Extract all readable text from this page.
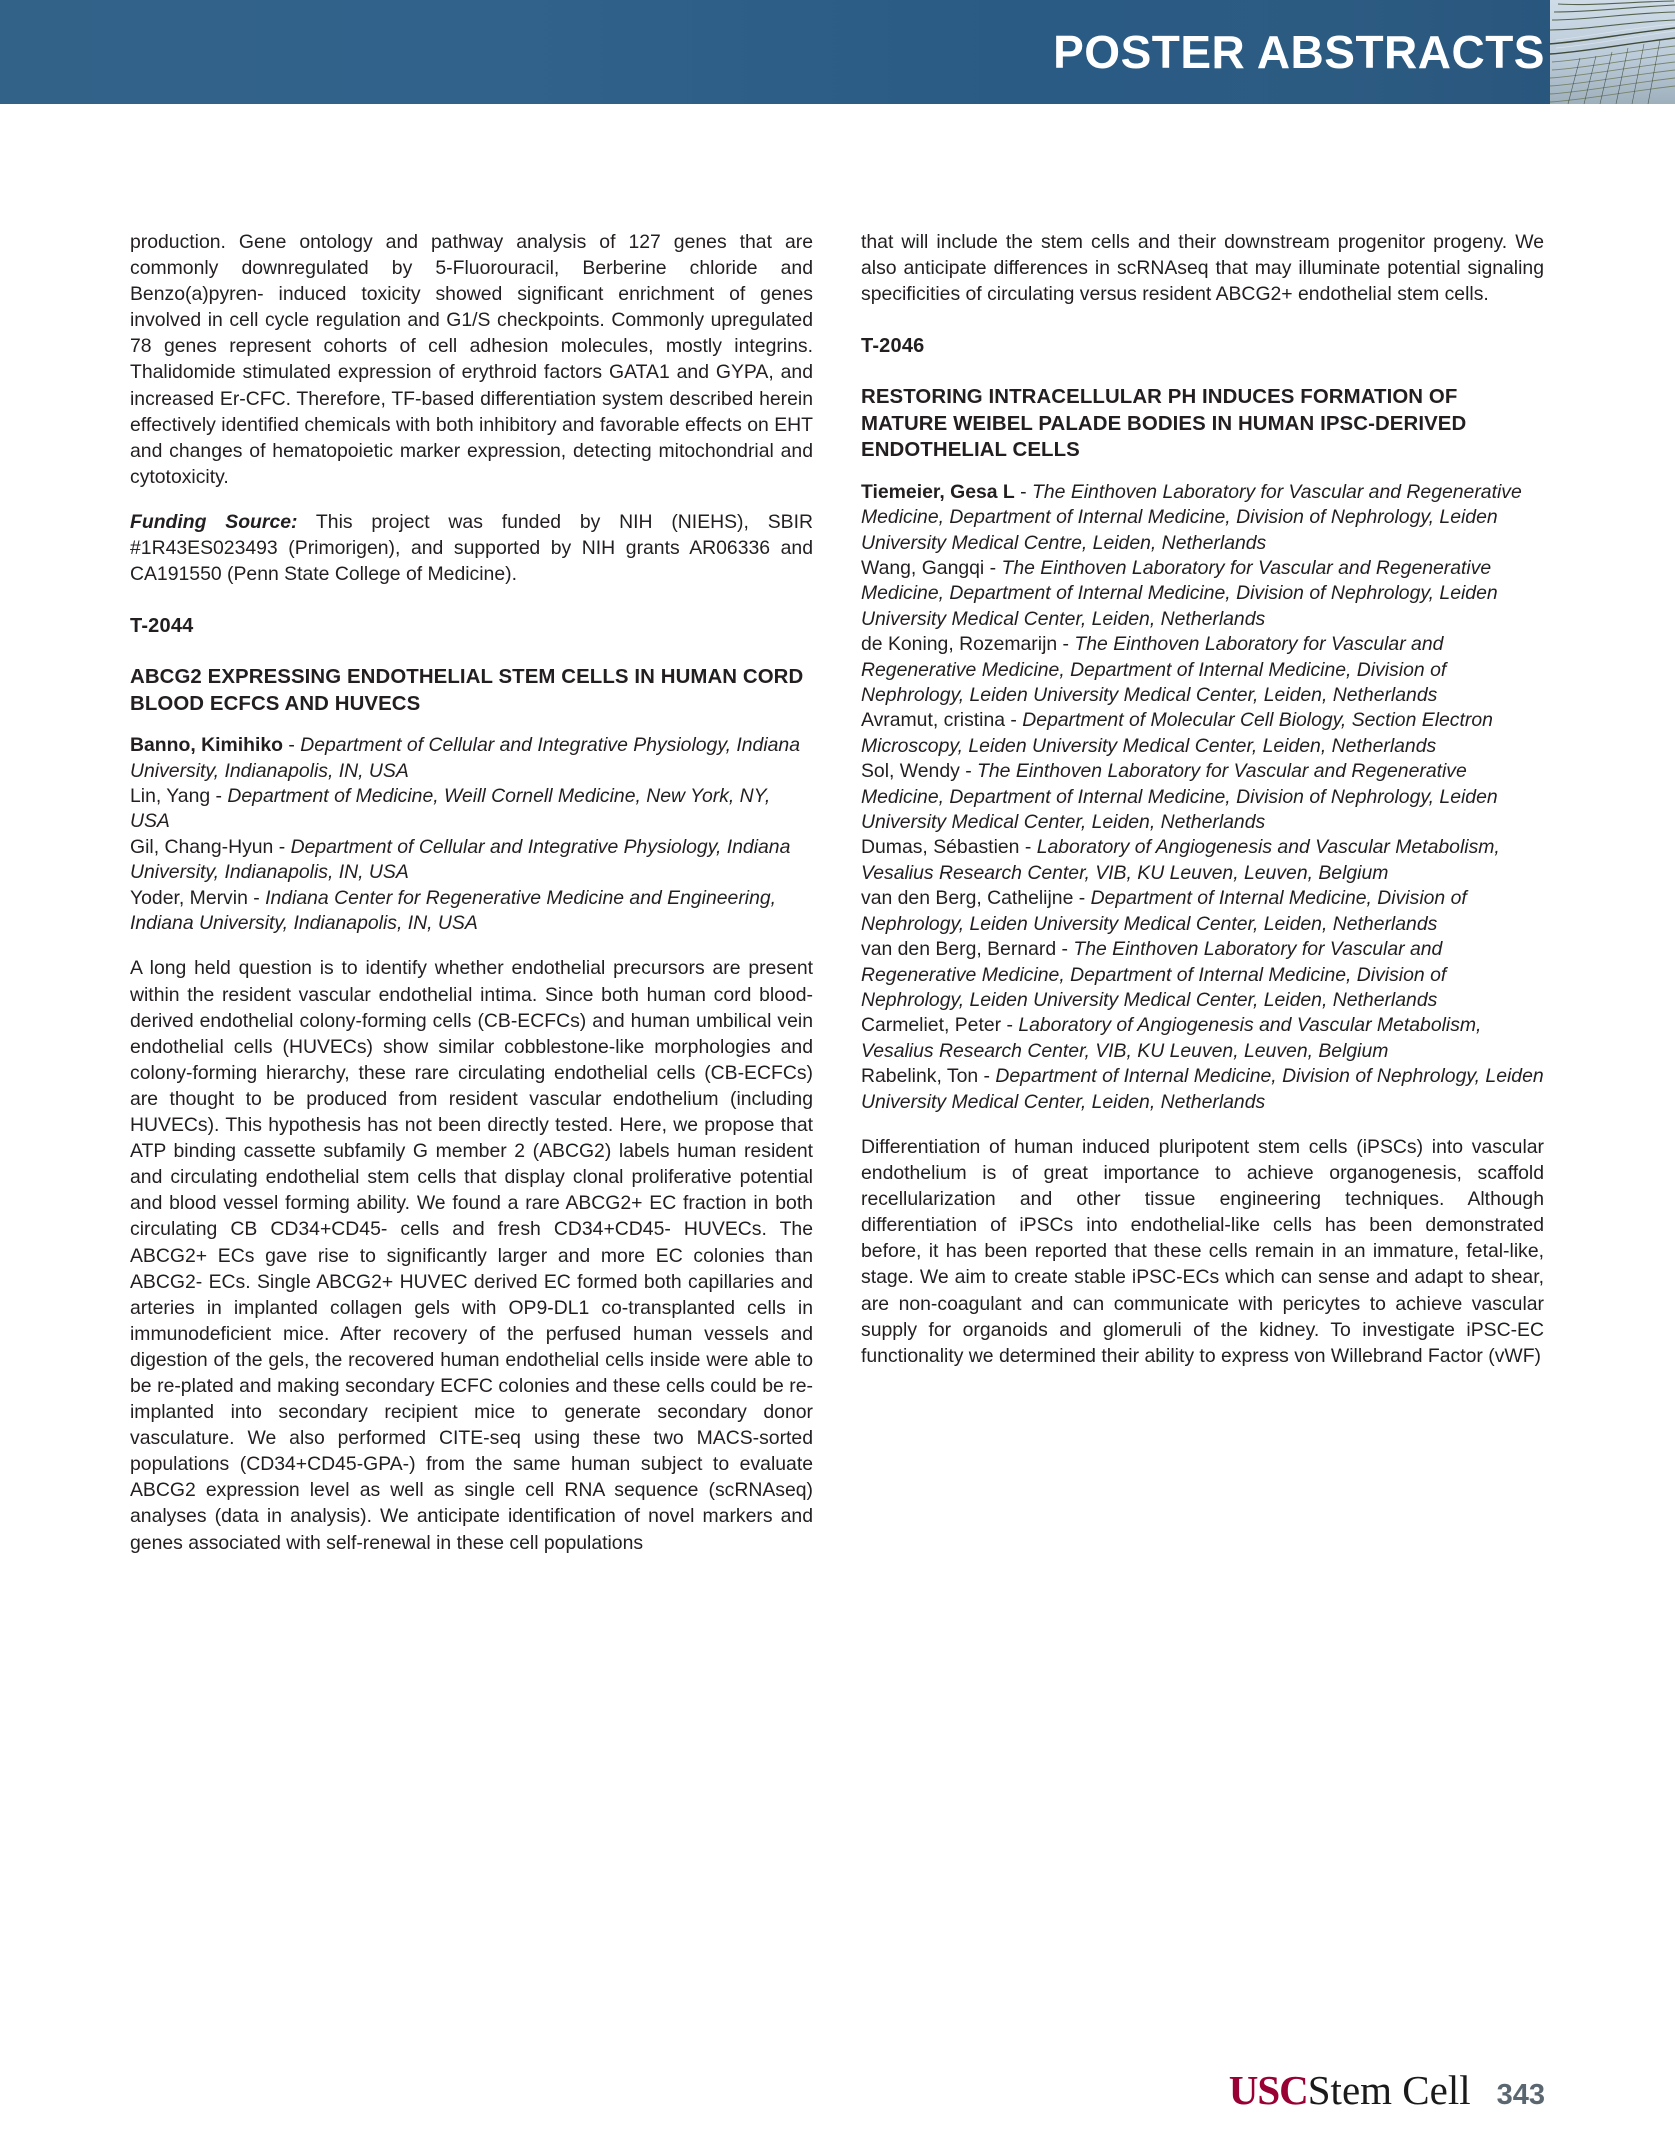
POSTER ABSTRACTS

production. Gene ontology and pathway analysis of 127 genes that are commonly downregulated by 5-Fluorouracil, Berberine chloride and Benzo(a)pyren- induced toxicity showed significant enrichment of genes involved in cell cycle regulation and G1/S checkpoints. Commonly upregulated 78 genes represent cohorts of cell adhesion molecules, mostly integrins. Thalidomide stimulated expression of erythroid factors GATA1 and GYPA, and increased Er-CFC. Therefore, TF-based differentiation system described herein effectively identified chemicals with both inhibitory and favorable effects on EHT and changes of hematopoietic marker expression, detecting mitochondrial and cytotoxicity.

Funding Source: This project was funded by NIH (NIEHS), SBIR #1R43ES023493 (Primorigen), and supported by NIH grants AR06336 and CA191550 (Penn State College of Medicine).

T-2044
ABCG2 EXPRESSING ENDOTHELIAL STEM CELLS IN HUMAN CORD BLOOD ECFCS AND HUVECS
Banno, Kimihiko - Department of Cellular and Integrative Physiology, Indiana University, Indianapolis, IN, USA
Lin, Yang - Department of Medicine, Weill Cornell Medicine, New York, NY, USA
Gil, Chang-Hyun - Department of Cellular and Integrative Physiology, Indiana University, Indianapolis, IN, USA
Yoder, Mervin - Indiana Center for Regenerative Medicine and Engineering, Indiana University, Indianapolis, IN, USA

A long held question is to identify whether endothelial precursors are present within the resident vascular endothelial intima. Since both human cord blood-derived endothelial colony-forming cells (CB-ECFCs) and human umbilical vein endothelial cells (HUVECs) show similar cobblestone-like morphologies and colony-forming hierarchy, these rare circulating endothelial cells (CB-ECFCs) are thought to be produced from resident vascular endothelium (including HUVECs). This hypothesis has not been directly tested. Here, we propose that ATP binding cassette subfamily G member 2 (ABCG2) labels human resident and circulating endothelial stem cells that display clonal proliferative potential and blood vessel forming ability. We found a rare ABCG2+ EC fraction in both circulating CB CD34+CD45- cells and fresh CD34+CD45- HUVECs. The ABCG2+ ECs gave rise to significantly larger and more EC colonies than ABCG2- ECs. Single ABCG2+ HUVEC derived EC formed both capillaries and arteries in implanted collagen gels with OP9-DL1 co-transplanted cells in immunodeficient mice. After recovery of the perfused human vessels and digestion of the gels, the recovered human endothelial cells inside were able to be re-plated and making secondary ECFC colonies and these cells could be re-implanted into secondary recipient mice to generate secondary donor vasculature. We also performed CITE-seq using these two MACS-sorted populations (CD34+CD45-GPA-) from the same human subject to evaluate ABCG2 expression level as well as single cell RNA sequence (scRNAseq) analyses (data in analysis). We anticipate identification of novel markers and genes associated with self-renewal in these cell populations

that will include the stem cells and their downstream progenitor progeny. We also anticipate differences in scRNAseq that may illuminate potential signaling specificities of circulating versus resident ABCG2+ endothelial stem cells.

T-2046
RESTORING INTRACELLULAR PH INDUCES FORMATION OF MATURE WEIBEL PALADE BODIES IN HUMAN IPSC-DERIVED ENDOTHELIAL CELLS
Tiemeier, Gesa L - The Einthoven Laboratory for Vascular and Regenerative Medicine, Department of Internal Medicine, Division of Nephrology, Leiden University Medical Centre, Leiden, Netherlands
Wang, Gangqi - The Einthoven Laboratory for Vascular and Regenerative Medicine, Department of Internal Medicine, Division of Nephrology, Leiden University Medical Center, Leiden, Netherlands
de Koning, Rozemarijn - The Einthoven Laboratory for Vascular and Regenerative Medicine, Department of Internal Medicine, Division of Nephrology, Leiden University Medical Center, Leiden, Netherlands
Avramut, cristina - Department of Molecular Cell Biology, Section Electron Microscopy, Leiden University Medical Center, Leiden, Netherlands
Sol, Wendy - The Einthoven Laboratory for Vascular and Regenerative Medicine, Department of Internal Medicine, Division of Nephrology, Leiden University Medical Center, Leiden, Netherlands
Dumas, Sébastien - Laboratory of Angiogenesis and Vascular Metabolism, Vesalius Research Center, VIB, KU Leuven, Leuven, Belgium
van den Berg, Cathelijne - Department of Internal Medicine, Division of Nephrology, Leiden University Medical Center, Leiden, Netherlands
van den Berg, Bernard - The Einthoven Laboratory for Vascular and Regenerative Medicine, Department of Internal Medicine, Division of Nephrology, Leiden University Medical Center, Leiden, Netherlands
Carmeliet, Peter - Laboratory of Angiogenesis and Vascular Metabolism, Vesalius Research Center, VIB, KU Leuven, Leuven, Belgium
Rabelink, Ton - Department of Internal Medicine, Division of Nephrology, Leiden University Medical Center, Leiden, Netherlands

Differentiation of human induced pluripotent stem cells (iPSCs) into vascular endothelium is of great importance to achieve organogenesis, scaffold recellularization and other tissue engineering techniques. Although differentiation of iPSCs into endothelial-like cells has been demonstrated before, it has been reported that these cells remain in an immature, fetal-like, stage. We aim to create stable iPSC-ECs which can sense and adapt to shear, are non-coagulant and can communicate with pericytes to achieve vascular supply for organoids and glomeruli of the kidney. To investigate iPSC-EC functionality we determined their ability to express von Willebrand Factor (vWF)

USCStem Cell 343
